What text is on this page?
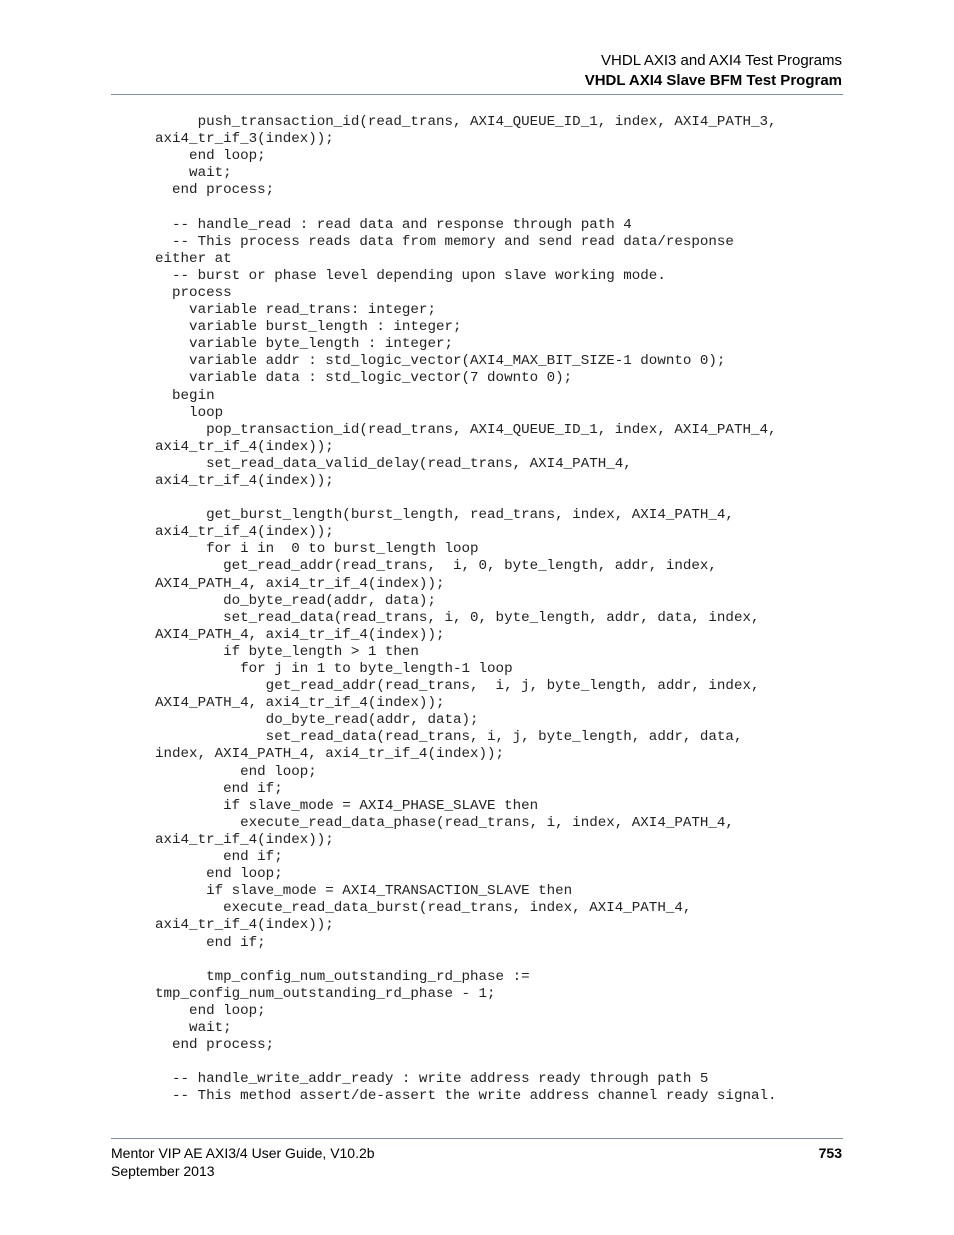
VHDL AXI3 and AXI4 Test Programs
VHDL AXI4 Slave BFM Test Program
push_transaction_id(read_trans, AXI4_QUEUE_ID_1, index, AXI4_PATH_3,
axi4_tr_if_3(index));
end loop;
wait;
end process;

-- handle_read : read data and response through path 4
-- This process reads data from memory and send read data/response
either at
-- burst or phase level depending upon slave working mode.
process
variable read_trans: integer;
variable burst_length : integer;
variable byte_length : integer;
variable addr : std_logic_vector(AXI4_MAX_BIT_SIZE-1 downto 0);
variable data : std_logic_vector(7 downto 0);
begin
loop
pop_transaction_id(read_trans, AXI4_QUEUE_ID_1, index, AXI4_PATH_4,
axi4_tr_if_4(index));
set_read_data_valid_delay(read_trans, AXI4_PATH_4,
axi4_tr_if_4(index));

get_burst_length(burst_length, read_trans, index, AXI4_PATH_4,
axi4_tr_if_4(index));
for i in  0 to burst_length loop
get_read_addr(read_trans,  i, 0, byte_length, addr, index,
AXI4_PATH_4, axi4_tr_if_4(index));
do_byte_read(addr, data);
set_read_data(read_trans, i, 0, byte_length, addr, data, index,
AXI4_PATH_4, axi4_tr_if_4(index));
if byte_length > 1 then
for j in 1 to byte_length-1 loop
get_read_addr(read_trans,  i, j, byte_length, addr, index,
AXI4_PATH_4, axi4_tr_if_4(index));
do_byte_read(addr, data);
set_read_data(read_trans, i, j, byte_length, addr, data,
index, AXI4_PATH_4, axi4_tr_if_4(index));
end loop;
end if;
if slave_mode = AXI4_PHASE_SLAVE then
execute_read_data_phase(read_trans, i, index, AXI4_PATH_4,
axi4_tr_if_4(index));
end if;
end loop;
if slave_mode = AXI4_TRANSACTION_SLAVE then
execute_read_data_burst(read_trans, index, AXI4_PATH_4,
axi4_tr_if_4(index));
end if;

tmp_config_num_outstanding_rd_phase :=
tmp_config_num_outstanding_rd_phase - 1;
end loop;
wait;
end process;

-- handle_write_addr_ready : write address ready through path 5
-- This method assert/de-assert the write address channel ready signal.

Mentor VIP AE AXI3/4 User Guide, V10.2b
September 2013
753
